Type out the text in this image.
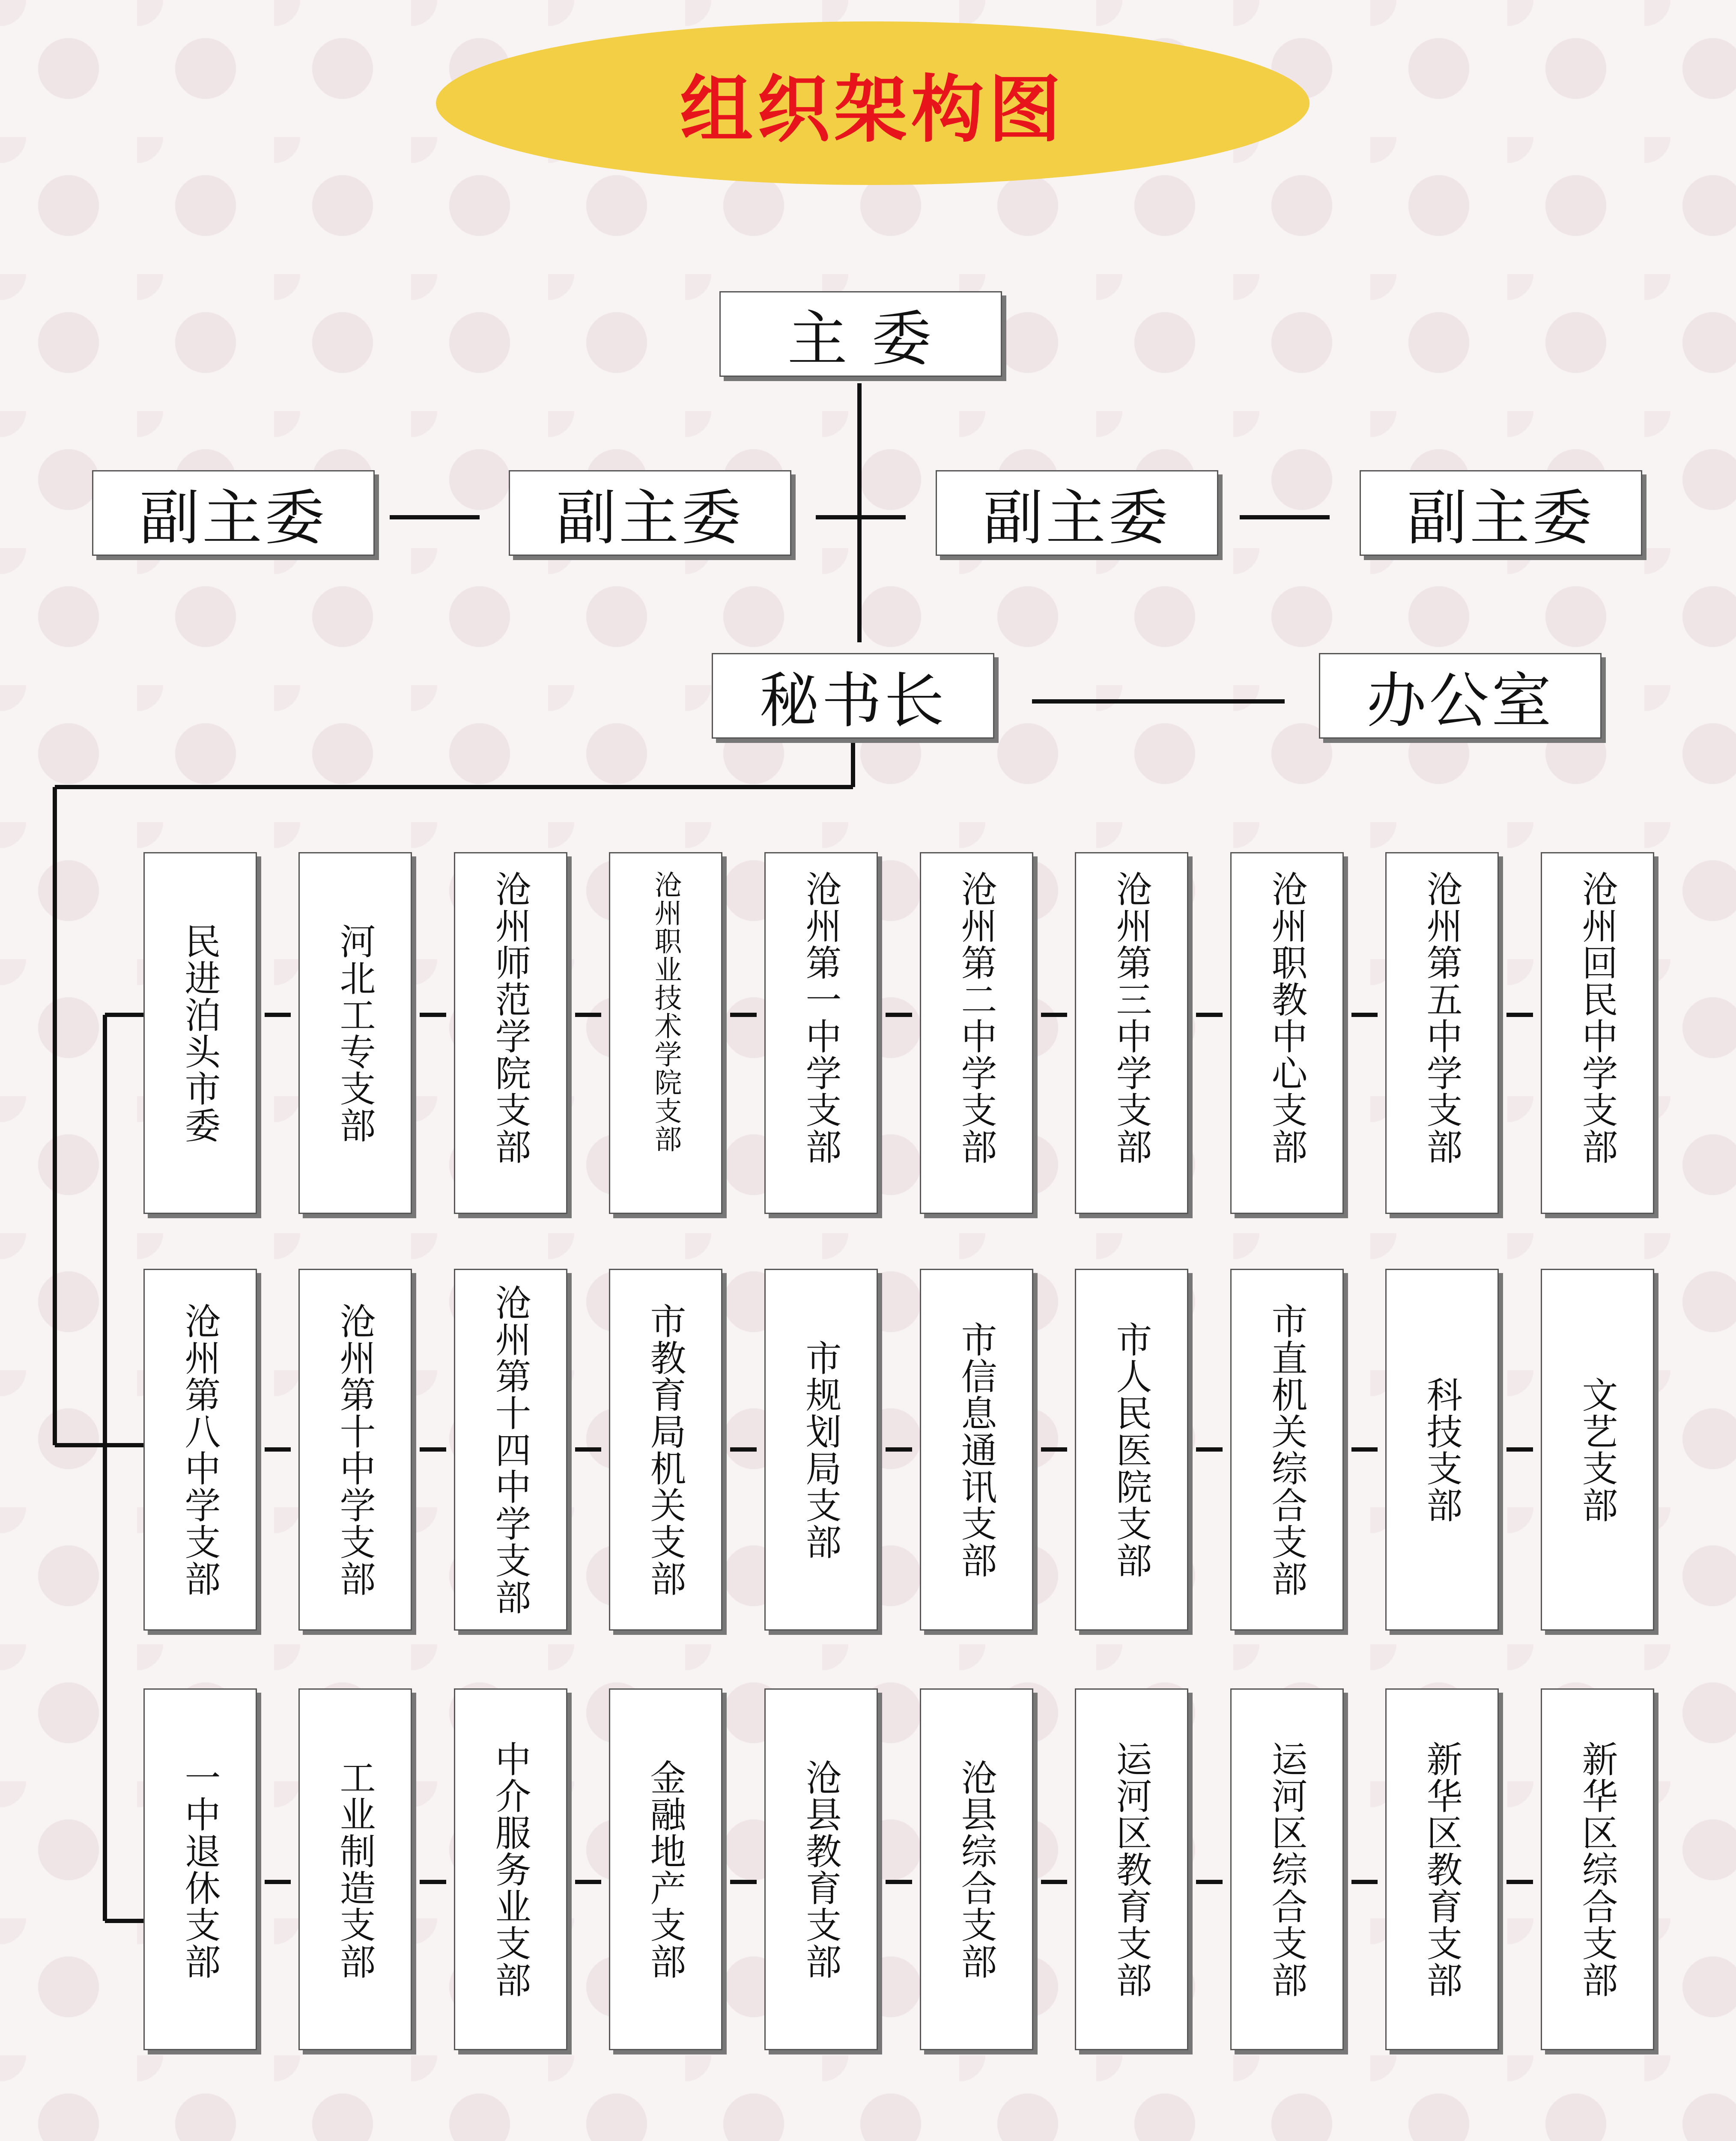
组织架构图
主 委
副主委	副主委	副主委	副主委
秘书长	办公室
民进泊头市委	河北工专支部	沧州师范学院支部	沧州职业技术学院支部	沧州第一中学支部	沧州第二中学支部	沧州第三中学支部	沧州职教中心支部	沧州第五中学支部	沧州回民中学支部
沧州第八中学支部	沧州第十中学支部	沧州第十四中学支部	市教育局机关支部	市规划局支部	市信息通讯支部	市人民医院支部	市直机关综合支部	科技支部	文艺支部
一中退休支部	工业制造支部	中介服务业支部	金融地产支部	沧县教育支部	沧县综合支部	运河区教育支部	运河区综合支部	新华区教育支部	新华区综合支部
